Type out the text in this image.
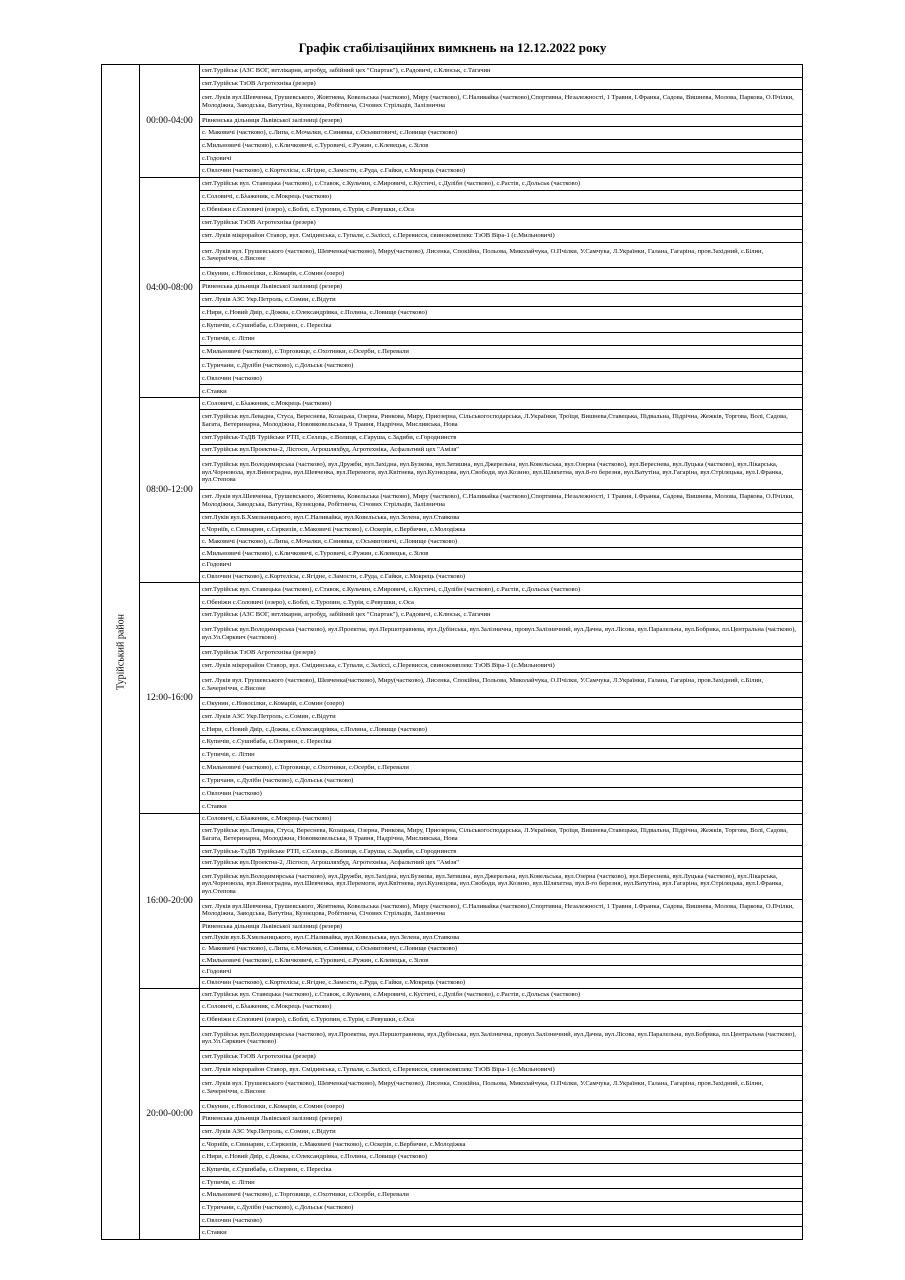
Графік стабілізаційних вимкнень на 12.12.2022 року
Турійський район
00:00-04:00
смт.Турійськ (АЗС ВОГ, ветлікарня, агробуд, забійний цех "Спартак"), с.Радовичі, с.Клюськ, с.Тагачин
смт.Турійськ ТзОВ Агротехніка (резерв)
смт. Луків вул.Шевченка, Грушевського, Жовтнева, Ковельська (частково), Миру (частково), С.Наливайка (частково),Спортивна, Незалежності, 1 Травня, І.Франка, Садова, Вишнева, Молова, Паркова, О.Пчілки, Молодіжна, Заводська, Ватутіна, Кузнєцова, Робітнича, Січових Стрільців, Залізнична
Рівненська дільниця Львівської залізниці (резерв)
с. Маковичі (частково), с.Липа, с.Мочалки, с.Синявка, с.Осьмиговичі, с.Ловище (частково)
с.Мильновичі (частково), с.Кличковичі, с.Туровичі, с.Ружин, с.Клевецьк, с.Зілов
с.Годовичі
с.Овлочин (частково), с.Кортелісы, с.Ягідне, с.Замости, с.Руда, с.Гайки, с.Мокрець (частково)
04:00-08:00
смт.Турійськ вул. Ставецька (частково), с.Ставок, с.Кульчин, с.Мировичі, с.Кустичі, с.Дулібн (частково), с.Растів, с.Дольськ (частково)
с.Соловичі, с.Бλаженик, с.Мокрець (частково)
с.Обеніжи с.Соловичі (озеро), с.Боблі, с.Туропин, с.Турія, с.Ревушки, с.Оса
смт.Турійськ ТзОВ Агротехніка (резерв)
смт. Луків мікрорайон Ставор, вул. Смідинська, с.Тупали, с.Заліссі, с.Перевисся, свинокомплекс ТзОВ Віра-1 (с.Мильновичі)
смт. Луків вул. Грушевського (частково), Шевченка(частково), Миру(частково), Лисенка, Спокійна, Польова, Миколайчука, О.Пчілки, У.Самчука, Л.Українки, Галана, Гагаріна, пров.Західний, с.Білин, с.Зачерніччя, с.Висоне
с.Окунин, с.Новосілки, с.Комарів, с.Сомин (озеро)
Рівненська дільниця Львівської залізниці (резерв)
смт. Луків АЗС Укр.Петроль, с.Сомин, с.Відути
с.Ниpи, с.Новий Двір, с.Дожва, с.Олександрівка, с.Полина, с.Ловище (частково)
с.Купичів, с.Сушибаба, с.Озеряни, с. Пересіка
с.Тупичів, с. Літин
с.Мильновичі (частково), с.Торговище, с.Охотники, с.Осерби, с.Перевали
с.Туричани, с.Дулібн (частково), с.Дольськ (частково)
с.Овлочин (частково)
с.Ставки
08:00-12:00
с.Соловичі, с.Бλаженик, с.Мокрець (частково)
смт.Турійськ вул.Левадна, Стуса, Вереснева, Козацька, Озерна, Ринкова, Миру, Приозерна, Сільськогосподарська, Л.Українки, Троїця, Вишнева,Ставецька, Підвальна, Підрічна, Жежків, Торгова, Волі, Садова, Багата, Ветеринарна, Молодіжна, Нововковельська, 9 Травня, Надрічна, Мисливська, Нова
смт.Турійськ-ТзДВ Турійське РТП, с.Селець, с.Волиця, с.Гаруша, с.Задиби, с.Городнинств
смт.Турійськ вул.Проектна-2, Лісгосп, Агрошляхбуд, Агротехніка, Асфальтний цех "Амізя"
смт.Турійськ вул.Володимирська (частково), вул.Дружби, вул.Західна, вул.Бузкова, вул.Затишна, вул.Джерельна, вул.Ковельська, вул.Озерна (частково), вул.Вереснева, вул.Луцька (частково), вул.Лікарська, вул.Чорновола, вул.Виноградна, вул.Шевченка, вул.Перемоги, вул.Квітнева, вул.Кузнєцова, вул.Свободи, вул.Козино, вул.Шляхетна, вул.8-го березня, вул.Ватутіна, вул.Гагаріна, вул.Стрілецька, вул.І.Франка, вул.Степова
смт. Луків вул.Шевченка, Грушевського, Жовтнева, Ковельська (частково), Миру (частково), С.Наливайка (частково),Спортивна, Незалежності, 1 Травня, І.Франка, Садова, Вишнева, Молова, Паркова, О.Пчілки, Молодіжна, Заводська, Ватутіна, Кузнєцова, Робітнича, Січових Стрільців, Залізнична
смт.Луків вул.Б.Хмельницького, вул.С.Наливайка, вул.Ковельська, вул.Зелена, вул.Ставкова
с.Чорніїв, с.Свинарин, с.Серкизів, с.Маковичі (частково), с.Оскерів, с.Вербичне, с.Молодіжка
с. Маковичі (частково), с.Липа, с.Мочалки, с.Синявка, с.Осьмиговичі, с.Ловище (частково)
с.Мильновичі (частково), с.Кличковичі, с.Туровичі, с.Ружин, с.Клевецьк, с.Зілов
с.Годовичі
с.Овлочин (частково), с.Кортелісы, с.Ягідне, с.Замости, с.Руда, с.Гайки, с.Мокрець (частково)
12:00-16:00
смт.Турійськ вул. Ставецька (частково), с.Ставок, с.Кульчин, с.Мировичі, с.Кустичі, с.Дулібн (частково), с.Растів, с.Дольськ (частково)
с.Обеніжи с.Соловичі (озеро), с.Боблі, с.Туропин, с.Турія, с.Ревушки, с.Оса
смт.Турійськ (АЗС ВОГ, ветлікарня, агробуд, забійний цех "Спартак"), с.Радовичі, с.Клюськ, с.Тагачин
смт.Турійськ вул.Володимирська (частково), вул.Проектна, вул.Першотравнева, вул.Дубінська, вул.Залізнична, провул.Залізничний, вул.Дачна, вул.Лісова, вул.Паралельна, вул.Бобрика, пл.Центральна (частково), вул.Ул.Сярквич (частково)
смт.Турійськ ТзОВ Агротехніка (резерв)
смт. Луків мікрорайон Ставор, вул. Смідинська, с.Тупали, с.Заліссі, с.Перевисся, свинокомплекс ТзОВ Віра-1 (с.Мильновичі)
смт. Луків вул. Грушевського (частково), Шевченка(частково), Миру(частково), Лисенка, Спокійна, Польова, Миколайчука, О.Пчілки, У.Самчука, Л.Українки, Галана, Гагаріна, пров.Західний, с.Білин, с.Зачерніччя, с.Висоне
с.Окунин, с.Новосілки, с.Комарів, с.Сомин (озеро)
смт. Луків АЗС Укр.Петроль, с.Сомин, с.Відути
с.Ниpи, с.Новий Двір, с.Дожва, с.Олександрівка, с.Полина, с.Ловище (частково)
с.Купичів, с.Сушибаба, с.Озеряни, с. Пересіка
с.Тупичів, с. Літин
с.Мильновичі (частково), с.Торговище, с.Охотники, с.Осерби, с.Перевали
с.Туричани, с.Дулібн (частково), с.Дольськ (частково)
с.Овлочин (частково)
с.Ставки
16:00-20:00
с.Соловичі, с.Бλаженик, с.Мокрець (частково)
смт.Турійськ вул.Левадна, Стуса, Вереснева, Козацька, Озерна, Ринкова, Миру, Приозерна, Сільськогосподарська, Л.Українки, Троїця, Вишнева,Ставецька, Підвальна, Підрічна, Жежків, Торгова, Волі, Садова, Багата, Ветеринарна, Молодіжна, Нововковельська, 9 Травня, Надрічна, Мисливська, Нова
смт.Турійськ-ТзДВ Турійське РТП, с.Селець, с.Волиця, с.Гаруша, с.Задиби, с.Городнинств
смт.Турійськ вул.Проектна-2, Лісгосп, Агрошляхбуд, Агротехніка, Асфальтний цех "Амізя"
смт.Турійськ вул.Володимирська (частково), вул.Дружби, вул.Західна, вул.Бузкова, вул.Затишна, вул.Джерельна, вул.Ковельська, вул.Озерна (частково), вул.Вереснева, вул.Луцька (частково), вул.Лікарська, вул.Чорновола, вул.Виноградна, вул.Шевченка, вул.Перемоги, вул.Квітнева, вул.Кузнєцова, вул.Свободи, вул.Козино, вул.Шляхетна, вул.8-го березня, вул.Ватутіна, вул.Гагаріна, вул.Стрілецька, вул.І.Франка, вул.Степова
смт. Луків вул.Шевченка, Грушевського, Жовтнева, Ковельська (частково), Миру (частково), С.Наливайка (частково),Спортивна, Незалежності, 1 Травня, І.Франка, Садова, Вишнева, Молова, Паркова, О.Пчілки, Молодіжна, Заводська, Ватутіна, Кузнєцова, Робітнича, Січових Стрільців, Залізнична
Рівненська дільниця Львівської залізниці (резерв)
смт.Луків вул.Б.Хмельницького, вул.С.Наливайка, вул.Ковельська, вул.Зелена, вул.Ставкова
с. Маковичі (частково), с.Липа, с.Мочалки, с.Синявка, с.Осьмиговичі, с.Ловище (частково)
с.Мильновичі (частково), с.Кличковичі, с.Туровичі, с.Ружин, с.Клевецьк, с.Зілов
с.Годовичі
с.Овлочин (частково), с.Кортелісы, с.Ягідне, с.Замости, с.Руда, с.Гайки, с.Мокрець (частково)
20:00-00:00
смт.Турійськ вул. Ставецька (частково), с.Ставок, с.Кульчин, с.Мировичі, с.Кустичі, с.Дулібн (частково), с.Растів, с.Дольськ (частково)
с.Соловичі, с.Бλаженик, с.Мокрець (частково)
с.Обеніжи с.Соловичі (озеро), с.Боблі, с.Туропин, с.Турія, с.Ревушки, с.Оса
смт.Турійськ вул.Володимирська (частково), вул.Проектна, вул.Першотравнева, вул.Дубінська, вул.Залізнична, провул.Залізничний, вул.Дачна, вул.Лісова, вул.Паралельна, вул.Бобрика, пл.Центральна (частково), вул.Ул.Сярквич (частково)
смт.Турійськ ТзОВ Агротехніка (резерв)
смт. Луків мікрорайон Ставор, вул. Смідинська, с.Тупали, с.Заліссі, с.Перевисся, свинокомплекс ТзОВ Віра-1 (с.Мильновичі)
смт. Луків вул. Грушевського (частково), Шевченка(частково), Миру(частково), Лисенка, Спокійна, Польова, Миколайчука, О.Пчілки, У.Самчука, Л.Українки, Галана, Гагаріна, пров.Західний, с.Білин, с.Зачерніччя, с.Висоне
с.Окунин, с.Новосілки, с.Комарів, с.Сомин (озеро)
Рівненська дільниця Львівської залізниці (резерв)
смт. Луків АЗС Укр.Петроль, с.Сомин, с.Відути
с.Чорніїв, с.Свинарин, с.Серкизів, с.Маковичі (частково), с.Оскерів, с.Вербичне, с.Молодіжка
с.Ниpи, с.Новий Двір, с.Дожва, с.Олександрівка, с.Полина, с.Ловище (частково)
с.Купичів, с.Сушибаба, с.Озеряни, с. Пересіка
с.Тупичів, с. Літин
с.Мильновичі (частково), с.Торговище, с.Охотники, с.Осерби, с.Перевали
с.Туричани, с.Дулібн (частково), с.Дольськ (частково)
с.Овлочин (частково)
с.Ставки
